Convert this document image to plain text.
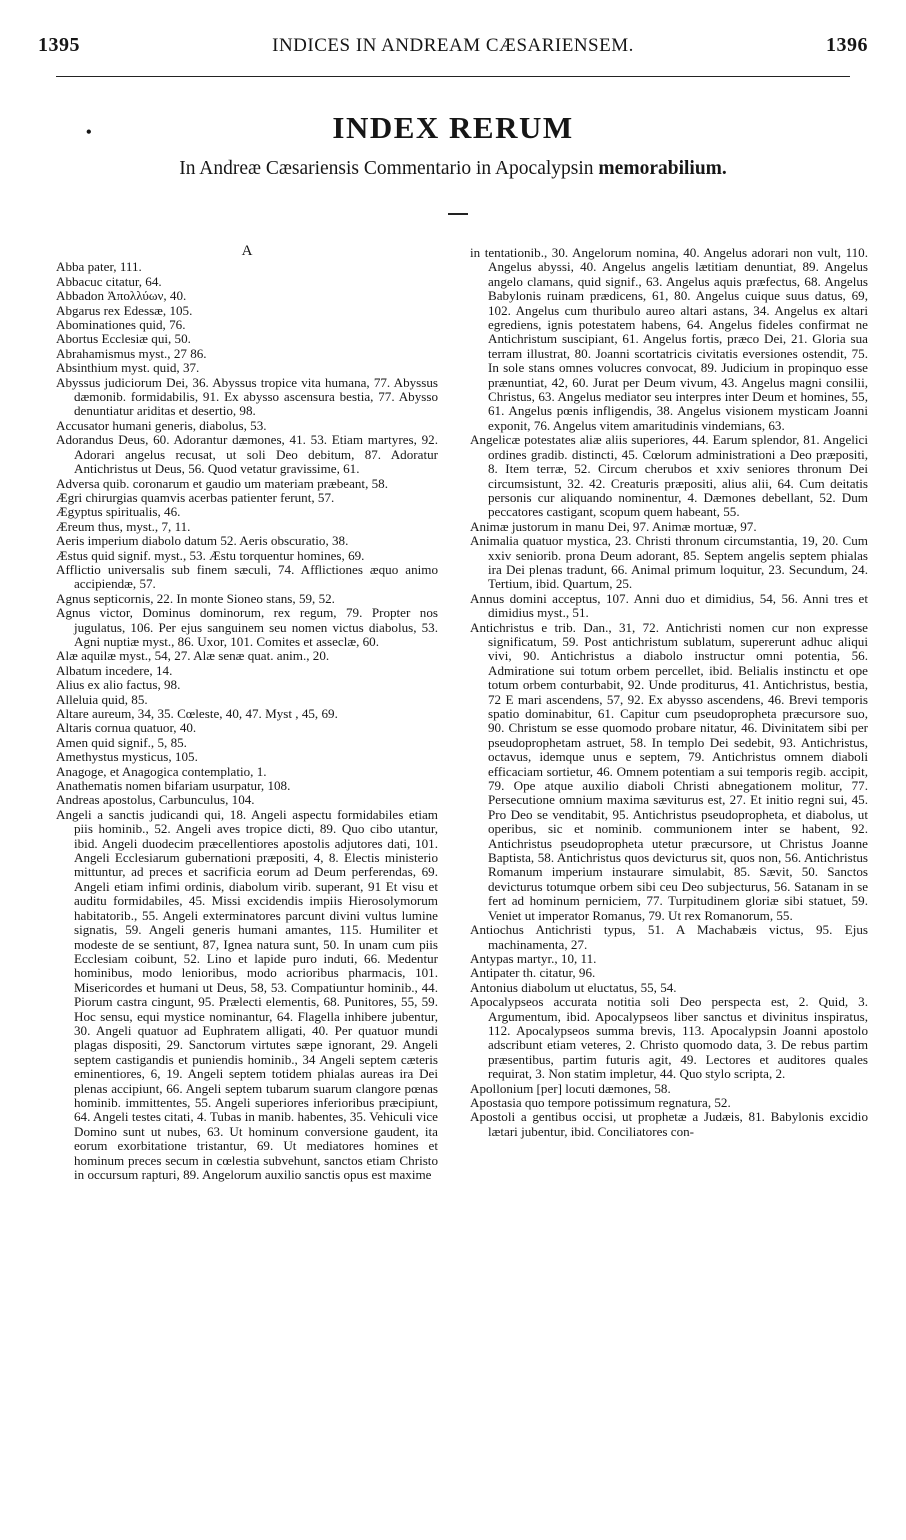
1395	INDICES IN ANDREAM CÆSARIENSEM.	1396
•	INDEX RERUM
In Andreæ Cæsariensis Commentario in Apocalypsin memorabilium.
A

Abba pater, 111.

Abbacuc citatur, 64.

Abbadon Ἀπολλύων, 40.

Abgarus rex Edessæ, 105.

Abominationes quid, 76.

Abortus Ecclesiæ qui, 50.

Abrahamismus myst., 27 86.

Absinthium myst. quid, 37.

Abyssus judiciorum Dei, 36. Abyssus tropice vita humana, 77. Abyssus dæmonib. formidabilis, 91. Ex abysso ascensura bestia, 77. Abysso denuntiatur ariditas et desertio, 98.

Accusator humani generis, diabolus, 53.

Adorandus Deus, 60. Adorantur dæmones, 41. 53. Etiam martyres, 92. Adorari angelus recusat, ut soli Deo debitum, 87. Adoratur Antichristus ut Deus, 56. Quod vetatur gravissime, 61.

Adversa quib. coronarum et gaudio um materiam præbeant, 58.

Ægri chirurgias quamvis acerbas patienter ferunt, 57.

Ægyptus spiritualis, 46.

Æreum thus, myst., 7, 11.

Aeris imperium diabolo datum 52. Aeris obscuratio, 38.

Æstus quid signif. myst., 53. Æstu torquentur homines, 69.

Afflictio universalis sub finem sæculi, 74. Afflictiones æquo animo accipiendæ, 57.

Agnus septicornis, 22. In monte Sioneo stans, 59, 52.

Agnus victor, Dominus dominorum, rex regum, 79. Propter nos jugulatus, 106. Per ejus sanguinem seu nomen victus diabolus, 53. Agni nuptiæ myst., 86. Uxor, 101. Comites et asseclæ, 60.

Alæ aquilæ myst., 54, 27. Alæ senæ quat. anim., 20.

Albatum incedere, 14.

Alius ex alio factus, 98.

Alleluia quid, 85.

Altare aureum, 34, 35. Cœleste, 40, 47. Myst , 45, 69.

Altaris cornua quatuor, 40.

Amen quid signif., 5, 85.

Amethystus mysticus, 105.

Anagoge, et Anagogica contemplatio, 1.

Anathematis nomen bifariam usurpatur, 108.

Andreas apostolus, Carbunculus, 104.

Angeli a sanctis judicandi qui, 18. Angeli aspectu formidabiles etiam piis hominib., 52. Angeli aves tropice dicti, 89. Quo cibo utantur, ibid. Angeli duodecim præcellentiores apostolis adjutores dati, 101. Angeli Ecclesiarum gubernationi præpositi, 4, 8. Electis ministerio mittuntur, ad preces et sacrificia eorum ad Deum perferendas, 69. Angeli etiam infimi ordinis, diabolum virib. superant, 91 Et visu et auditu formidabiles, 45. Missi excidendis impiis Hierosolymorum habitatorib., 55. Angeli exterminatores parcunt divini vultus lumine signatis, 59. Angeli generis humani amantes, 115. Humiliter et modeste de se sentiunt, 87, Ignea natura sunt, 50. In unam cum piis Ecclesiam coibunt, 52. Lino et lapide puro induti, 66. Medentur hominibus, modo lenioribus, modo acrioribus pharmacis, 101. Misericordes et humani ut Deus, 58, 53. Compatiuntur hominib., 44. Piorum castra cingunt, 95. Prælecti elementis, 68. Punitores, 55, 59. Hoc sensu, equi mystice nominantur, 64. Flagella inhibere jubentur, 30. Angeli quatuor ad Euphratem alligati, 40. Per quatuor mundi plagas dispositi, 29. Sanctorum virtutes sæpe ignorant, 29. Angeli septem castigandis et puniendis hominib., 34 Angeli septem cæteris eminentiores, 6, 19. Angeli septem totidem phialas aureas ira Dei plenas accipiunt, 66. Angeli septem tubarum suarum clangore pœnas hominib. immittentes, 55. Angeli superiores inferioribus præcipiunt, 64. Angeli testes citati, 4. Tubas in manib. habentes, 35. Vehiculi vice Domino sunt ut nubes, 63. Ut hominum conversione gaudent, ita eorum exorbitatione tristantur, 69. Ut mediatores homines et hominum preces secum in cœlestia subvehunt, sanctos etiam Christo in occursum rapturi, 89. Angelorum auxilio sanctis opus est maxime

in tentationib., 30. Angelorum nomina, 40. Angelus adorari non vult, 110. Angelus abyssi, 40. Angelus angelis lætitiam denuntiat, 89. Angelus angelo clamans, quid signif., 63. Angelus aquis præfectus, 68. Angelus Babylonis ruinam prædicens, 61, 80. Angelus cuique suus datus, 69, 102. Angelus cum thuribulo aureo altari astans, 34. Angelus ex altari egrediens, ignis potestatem habens, 64. Angelus fideles confirmat ne Antichristum suscipiant, 61. Angelus fortis, præco Dei, 21. Gloria sua terram illustrat, 80. Joanni scortatricis civitatis eversiones ostendit, 75. In sole stans omnes volucres convocat, 89. Judicium in propinquo esse prænuntiat, 42, 60. Jurat per Deum vivum, 43. Angelus magni consilii, Christus, 63. Angelus mediator seu interpres inter Deum et homines, 55, 61. Angelus pœnis infligendis, 38. Angelus visionem mysticam Joanni exponit, 76. Angelus vitem amaritudinis vindemians, 63.

Angelicæ potestates aliæ aliis superiores, 44. Earum splendor, 81. Angelici ordines gradib. distincti, 45. Cœlorum administrationi a Deo præpositi, 8. Item terræ, 52. Circum cherubos et xxiv seniores thronum Dei circumsistunt, 32. 42. Creaturis præpositi, alius alii, 64. Cum deitatis personis cur aliquando nominentur, 4. Dæmones debellant, 52. Dum peccatores castigant, scopum quem habeant, 55.

Animæ justorum in manu Dei, 97. Animæ mortuæ, 97.

Animalia quatuor mystica, 23. Christi thronum circumstantia, 19, 20. Cum xxiv seniorib. prona Deum adorant, 85. Septem angelis septem phialas ira Dei plenas tradunt, 66. Animal primum loquitur, 23. Secundum, 24. Tertium, ibid. Quartum, 25.

Annus domini acceptus, 107. Anni duo et dimidius, 54, 56. Anni tres et dimidius myst., 51.

Antichristus e trib. Dan., 31, 72. Antichristi nomen cur non expresse significatum, 59. Post antichristum sublatum, supererunt adhuc aliqui vivi, 90. Antichristus a diabolo instructur omni potentia, 56. Admiratione sui totum orbem percellet, ibid. Belialis instinctu et ope totum orbem conturbabit, 92. Unde proditurus, 41. Antichristus, bestia, 72 E mari ascendens, 57, 92. Ex abysso ascendens, 46. Brevi temporis spatio dominabitur, 61. Capitur cum pseudopropheta præcursore suo, 90. Christum se esse quomodo probare nitatur, 46. Divinitatem sibi per pseudoprophetam astruet, 58. In templo Dei sedebit, 93. Antichristus, octavus, idemque unus e septem, 79. Antichristus omnem diaboli efficaciam sortietur, 46. Omnem potentiam a sui temporis regib. accipit, 79. Ope atque auxilio diaboli Christi abnegationem molitur, 77. Persecutione omnium maxima sæviturus est, 27. Et initio regni sui, 45. Pro Deo se venditabit, 95. Antichristus pseudopropheta, et diabolus, ut operibus, sic et nominib. communionem inter se habent, 92. Antichristus pseudopropheta utetur præcursore, ut Christus Joanne Baptista, 58. Antichristus quos devicturus sit, quos non, 56. Antichristus Romanum imperium instaurare simulabit, 85. Sævit, 50. Sanctos devicturus totumque orbem sibi ceu Deo subjecturus, 56. Satanam in se fert ad hominum perniciem, 77. Turpitudinem gloriæ sibi statuet, 59. Veniet ut imperator Romanus, 79. Ut rex Romanorum, 55.

Antiochus Antichristi typus, 51. A Machabæis victus, 95. Ejus machinamenta, 27.

Antypas martyr., 10, 11.

Antipater th. citatur, 96.

Antonius diabolum ut eluctatus, 55, 54.

Apocalypseos accurata notitia soli Deo perspecta est, 2. Quid, 3. Argumentum, ibid. Apocalypseos liber sanctus et divinitus inspiratus, 112. Apocalypseos summa brevis, 113. Apocalypsin Joanni apostolo adscribunt etiam veteres, 2. Christo quomodo data, 3. De rebus partim præsentibus, partim futuris agit, 49. Lectores et auditores quales requirat, 3. Non statim impletur, 44. Quo stylo scripta, 2.

Apollonium [per] locuti dæmones, 58.

Apostasia quo tempore potissimum regnatura, 52.

Apostoli a gentibus occisi, ut prophetæ a Judæis, 81. Babylonis excidio lætari jubentur, ibid. Conciliatores con-
